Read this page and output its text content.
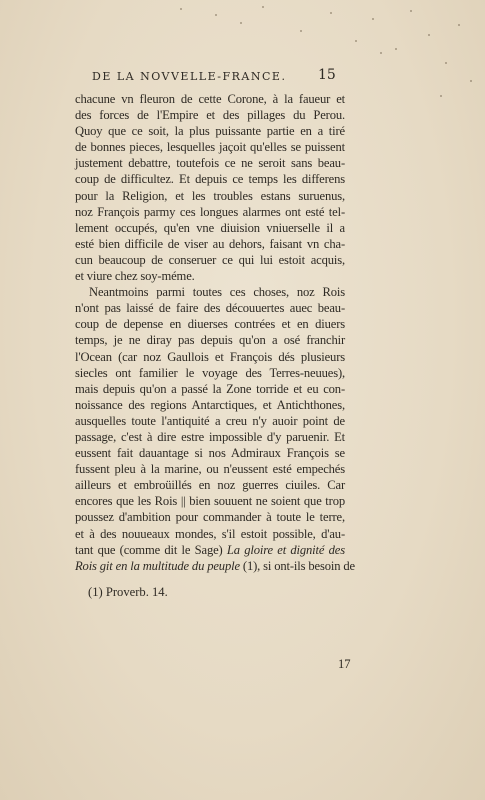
DE LA NOVVELLE-FRANCE.	15
chacune vn fleuron de cette Corone, à la faueur et
des forces de l'Empire et des pillages du Perou.
Quoy que ce soit, la plus puissante partie en a tiré
de bonnes pieces, lesquelles jaçoit qu'elles se puissent
justement debattre, toutefois ce ne seroit sans beau-
coup de difficultez. Et depuis ce temps les differens
pour la Religion, et les troubles estans suruenus,
noz François parmy ces longues alarmes ont esté tel-
lement occupés, qu'en vne diuision vniuerselle il a
esté bien difficile de viser au dehors, faisant vn cha-
cun beaucoup de conseruer ce qui lui estoit acquis,
et viure chez soy-méme.
Neantmoins parmi toutes ces choses, noz Rois
n'ont pas laissé de faire des découuertes auec beau-
coup de depense en diuerses contrées et en diuers
temps, je ne diray pas depuis qu'on a osé franchir
l'Ocean (car noz Gaullois et François dés plusieurs
siecles ont familier le voyage des Terres-neuues),
mais depuis qu'on a passé la Zone torride et eu con-
noissance des regions Antarctiques, et Antichthones,
ausquelles toute l'antiquité a creu n'y auoir point de
passage, c'est à dire estre impossible d'y paruenir. Et
eussent fait dauantage si nos Admiraux François se
fussent pleu à la marine, ou n'eussent esté empechés
ailleurs et embroüillés en noz guerres ciuiles. Car
encores que les Rois || bien souuent ne soient que trop
poussez d'ambition pour commander à toute le terre,
et à des nouueaux mondes, s'il estoit possible, d'au-
tant que (comme dit le Sage) La gloire et dignité des
Rois git en la multitude du peuple (1), si ont-ils besoin de
17
(1) Proverb. 14.
